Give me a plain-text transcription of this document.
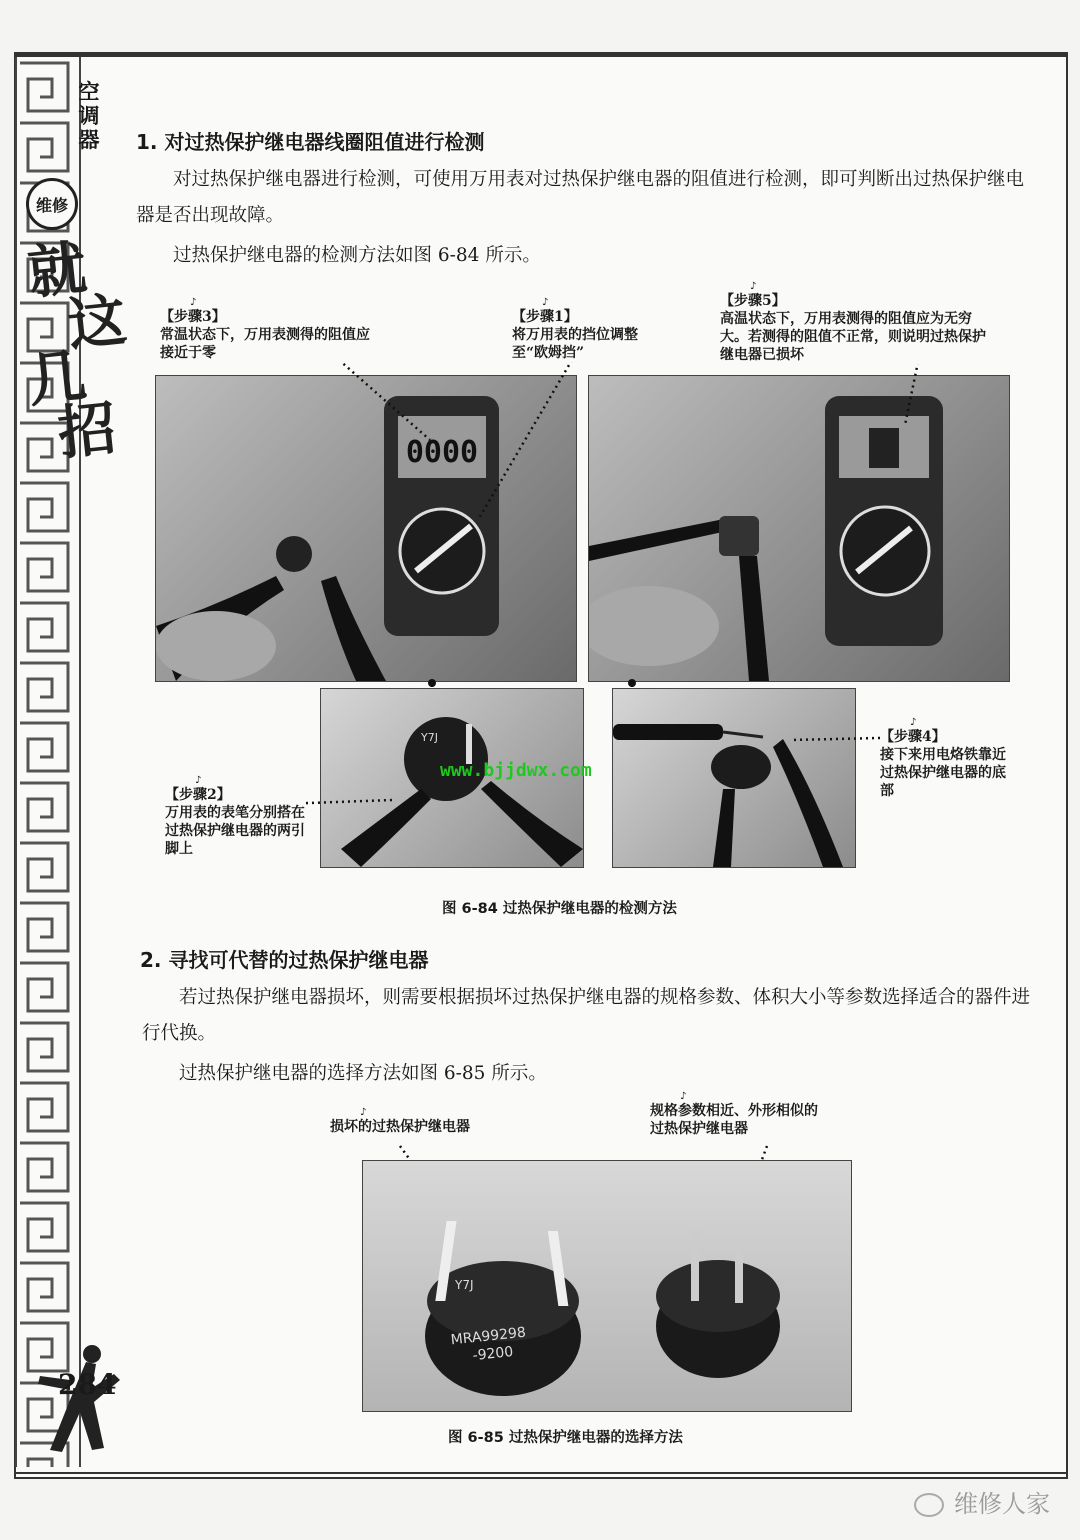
空调器
维修
就
这
几
招
284
1. 对过热保护继电器线圈阻值进行检测
对过热保护继电器进行检测，可使用万用表对过热保护继电器的阻值进行检测，即可判断出过热保护继电器是否出现故障。
过热保护继电器的检测方法如图 6-84 所示。
0000
Y7J
♪
【步骤3】
常温状态下，万用表测得的阻值应接近于零
♪
【步骤1】
将万用表的挡位调整至“欧姆挡”
♪
【步骤5】
高温状态下，万用表测得的阻值应为无穷大。若测得的阻值不正常，则说明过热保护继电器已损坏
♪
【步骤2】
万用表的表笔分别搭在过热保护继电器的两引脚上
♪
【步骤4】
接下来用电烙铁靠近过热保护继电器的底部
www.bjjdwx.com
图 6-84 过热保护继电器的检测方法
2. 寻找可代替的过热保护继电器
若过热保护继电器损坏，则需要根据损坏过热保护继电器的规格参数、体积大小等参数选择适合的器件进行代换。
过热保护继电器的选择方法如图 6-85 所示。
♪
损坏的过热保护继电器
♪
规格参数相近、外形相似的过热保护继电器
Y7J
MRA99298
-9200
图 6-85 过热保护继电器的选择方法
维修人家
